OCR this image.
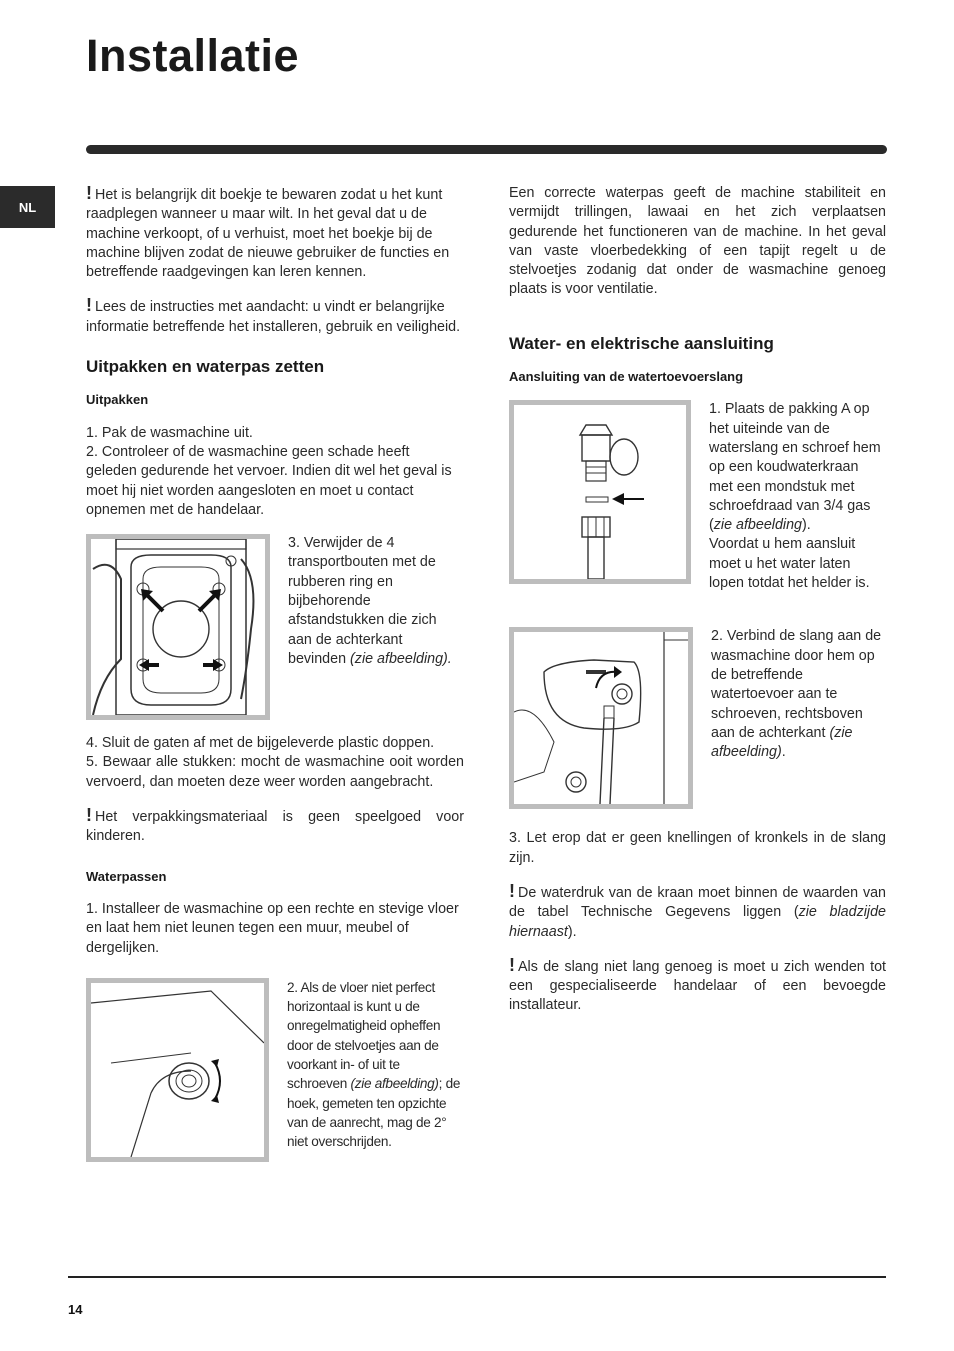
Installatie
NL

! Het is belangrijk dit boekje te bewaren zodat u het kunt raadplegen wanneer u maar wilt. In het geval dat u de machine verkoopt, of u verhuist, moet het boekje bij de machine blijven zodat de nieuwe gebruiker de functies en betreffende raadgevingen kan leren kennen.

! Lees de instructies met aandacht: u vindt er belangrijke informatie betreffende het installeren, gebruik en veiligheid.

Uitpakken en waterpas zetten
Uitpakken

1. Pak de wasmachine uit.

2. Controleer of de wasmachine geen schade heeft geleden gedurende het vervoer. Indien dit wel het geval is moet hij niet worden aangesloten en moet u contact opnemen met de handelaar.

3. Verwijder de 4 transportbouten met de rubberen ring en bijbehorende afstandstukken die zich aan de achterkant bevinden (zie afbeelding).

4. Sluit de gaten af met de bijgeleverde plastic doppen.

5. Bewaar alle stukken: mocht de wasmachine ooit worden vervoerd, dan moeten deze weer worden aangebracht.

! Het verpakkingsmateriaal is geen speelgoed voor kinderen.

Waterpassen

1. Installeer de wasmachine op een rechte en stevige vloer en laat hem niet leunen tegen een muur, meubel of dergelijken.

2. Als de vloer niet perfect horizontaal is kunt u de onregelmatigheid opheffen door de stelvoetjes aan de voorkant in- of uit te schroeven (zie afbeelding); de hoek, gemeten ten opzichte van de aanrecht, mag de 2° niet overschrijden.

Een correcte waterpas geeft de machine stabiliteit en vermijdt trillingen, lawaai en het zich verplaatsen gedurende het functioneren van de machine. In het geval van vaste vloerbedekking of een tapijt regelt u de stelvoetjes zodanig dat onder de wasmachine genoeg plaats is voor ventilatie.

Water- en elektrische aansluiting
Aansluiting van de watertoevoerslang

1. Plaats de pakking A op het uiteinde van de waterslang en schroef hem op een koudwaterkraan met een mondstuk met schroefdraad van 3/4 gas (zie afbeelding).
Voordat u hem aansluit moet u het water laten lopen totdat het helder is.

2. Verbind de slang aan de wasmachine door hem op de betreffende watertoevoer aan te schroeven, rechtsboven aan de achterkant (zie afbeelding).

3. Let erop dat er geen knellingen of kronkels in de slang zijn.

! De waterdruk van de kraan moet binnen de waarden van de tabel Technische Gegevens liggen (zie bladzijde hiernaast).

! Als de slang niet lang genoeg is moet u zich wenden tot een gespecialiseerde handelaar of een bevoegde installateur.

14
